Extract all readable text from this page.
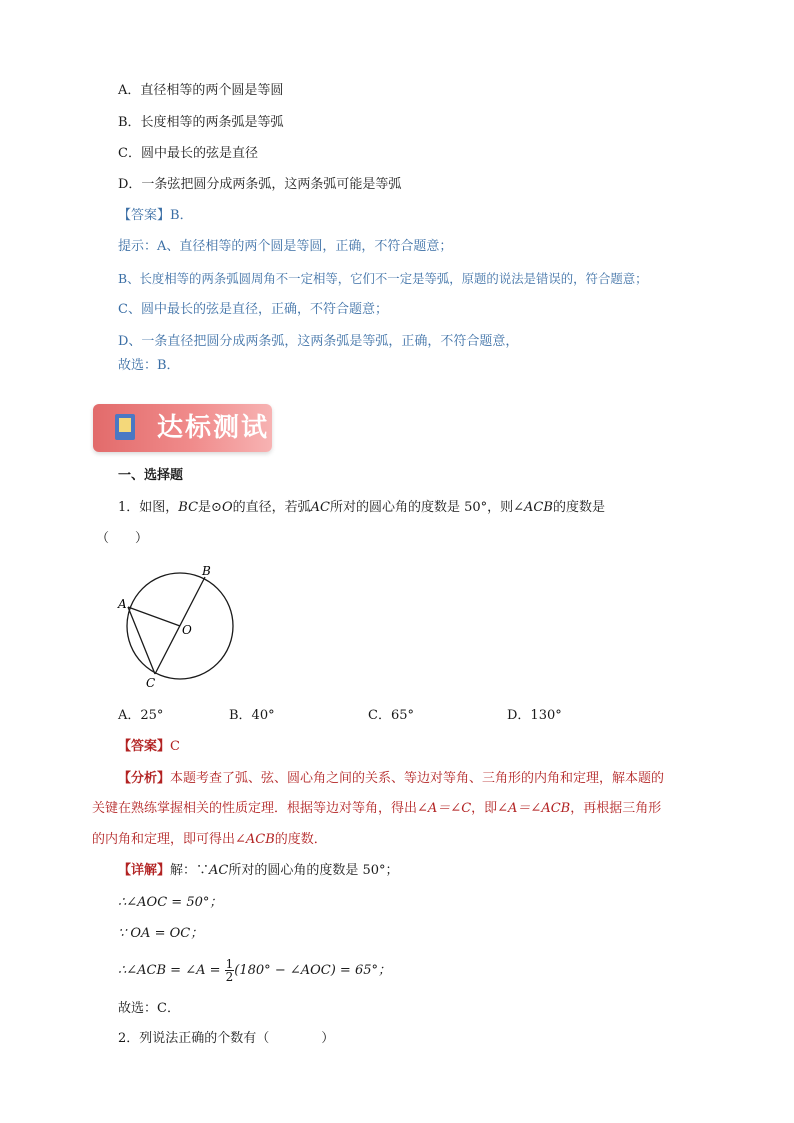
A．直径相等的两个圆是等圆
B．长度相等的两条弧是等弧
C．圆中最长的弦是直径
D．一条弦把圆分成两条弧，这两条弧可能是等弧
【答案】B．
提示：A、直径相等的两个圆是等圆，正确，不符合题意；
B、长度相等的两条弧圆周角不一定相等，它们不一定是等弧，原题的说法是错误的，符合题意；
C、圆中最长的弦是直径，正确，不符合题意；
D、一条直径把圆分成两条弧，这两条弧是等弧，正确，不符合题意，
故选：B．
达标测试
一、选择题
1．如图，BC是⊙O的直径，若弧AC所对的圆心角的度数是 50°，则∠ACB的度数是
（　　）
B
A
O
C
A．25°	B．40°	C．65°	D．130°
【答案】C
【分析】本题考查了弧、弦、圆心角之间的关系、等边对等角、三角形的内角和定理，解本题的
关键在熟练掌握相关的性质定理．根据等边对等角，得出∠A＝∠C，即∠A＝∠ACB，再根据三角形
的内角和定理，即可得出∠ACB的度数．
【详解】解：∵AC所对的圆心角的度数是 50°；
∴∠AOC = 50°；
∵ OA = OC；
∴∠ACB = ∠A = $\frac{1}{2} (180^\circ$ − ∠AOC) = 65°；
故选：C．
2．列说法正确的个数有（　　　　）
